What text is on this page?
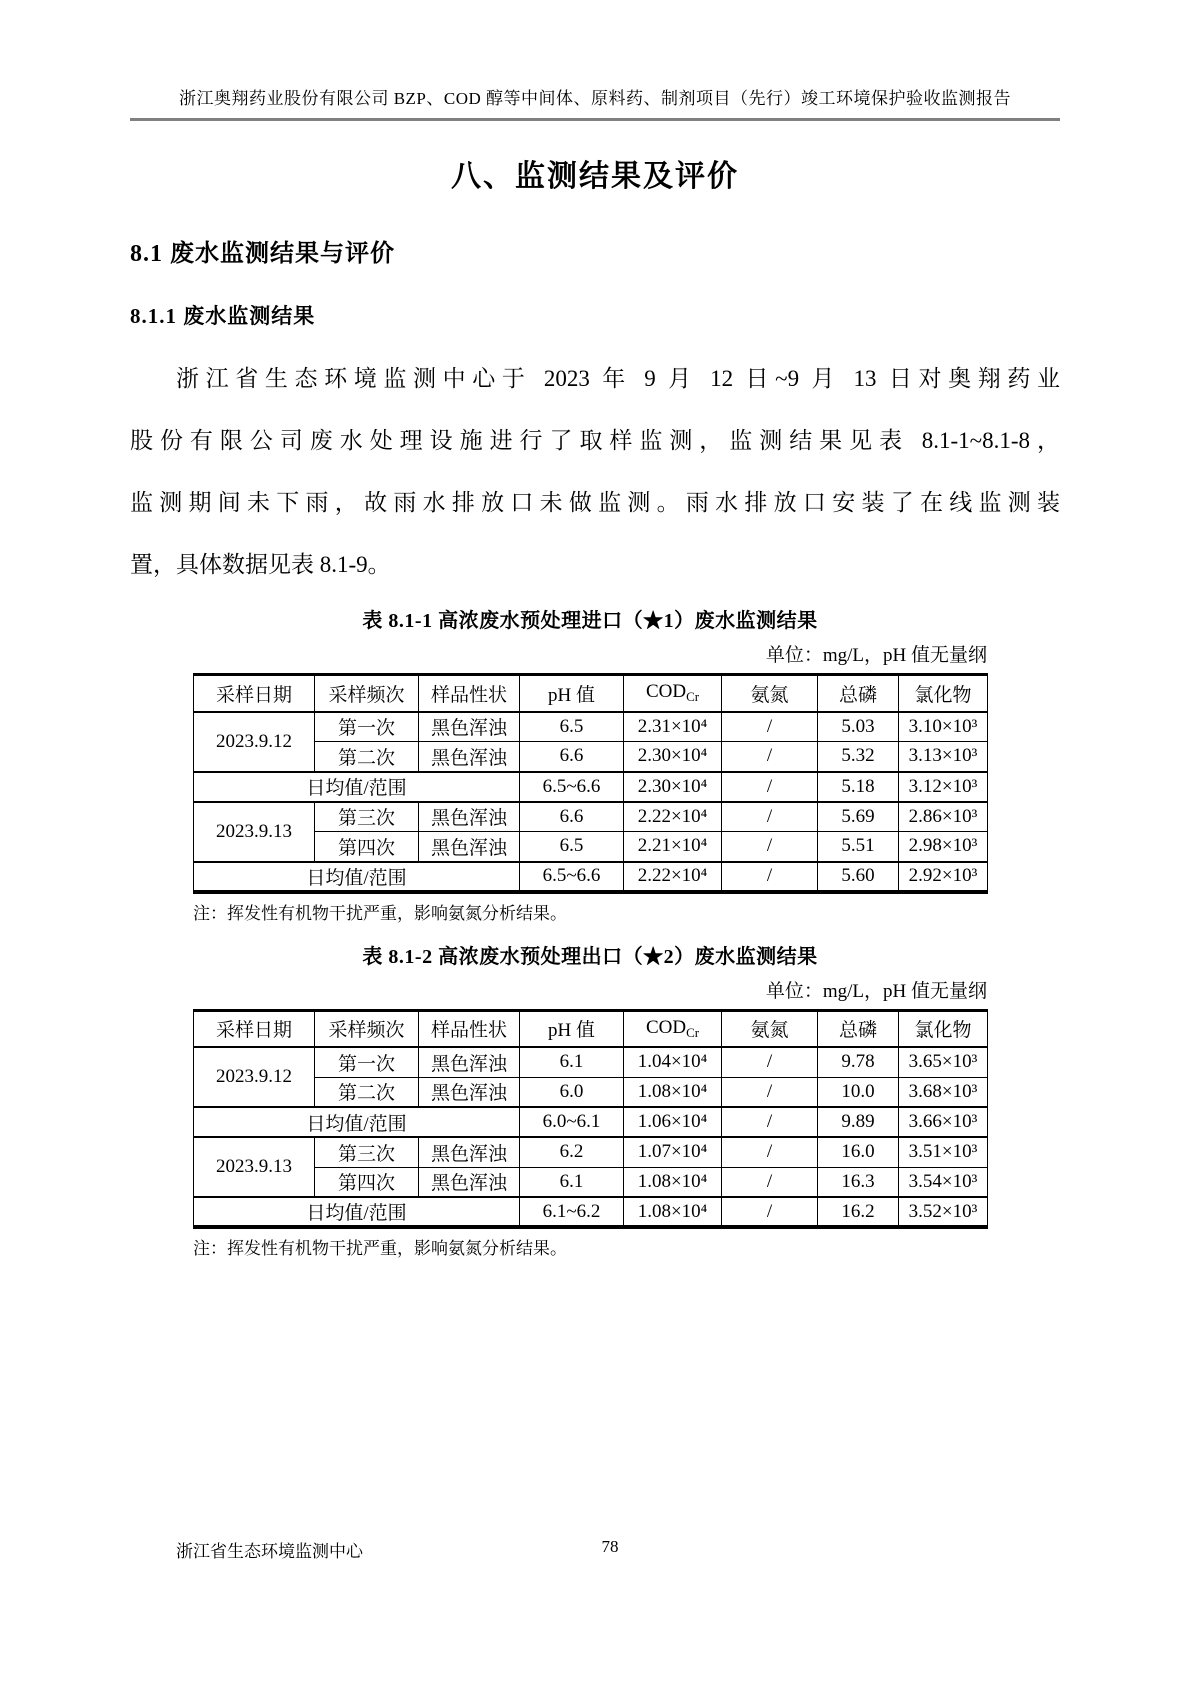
浙江奥翔药业股份有限公司 BZP、COD 醇等中间体、原料药、制剂项目（先行）竣工环境保护验收监测报告
八、监测结果及评价
8.1 废水监测结果与评价
8.1.1 废水监测结果
浙江省生态环境监测中心于 2023 年 9 月 12 日~9 月 13 日对奥翔药业
股份有限公司废水处理设施进行了取样监测，监测结果见表 8.1-1~8.1-8，
监测期间未下雨，故雨水排放口未做监测。雨水排放口安装了在线监测装
置，具体数据见表 8.1-9。
表 8.1-1 高浓废水预处理进口（★1）废水监测结果
单位：mg/L，pH 值无量纲
采样日期	采样频次	样品性状	pH 值	$COD_{Cr}$	氨氮	总磷	氯化物
2023.9.12	第一次	黑色浑浊	6.5	2.31×10⁴	/	5.03	3.10×10³
	第二次	黑色浑浊	6.6	2.30×10⁴	/	5.32	3.13×10³
日均值/范围			6.5~6.6	2.30×10⁴	/	5.18	3.12×10³
2023.9.13	第三次	黑色浑浊	6.6	2.22×10⁴	/	5.69	2.86×10³
	第四次	黑色浑浊	6.5	2.21×10⁴	/	5.51	2.98×10³
日均值/范围			6.5~6.6	2.22×10⁴	/	5.60	2.92×10³
注：挥发性有机物干扰严重，影响氨氮分析结果。
表 8.1-2 高浓废水预处理出口（★2）废水监测结果
单位：mg/L，pH 值无量纲
采样日期	采样频次	样品性状	pH 值	$COD_{Cr}$	氨氮	总磷	氯化物
2023.9.12	第一次	黑色浑浊	6.1	1.04×10⁴	/	9.78	3.65×10³
	第二次	黑色浑浊	6.0	1.08×10⁴	/	10.0	3.68×10³
日均值/范围			6.0~6.1	1.06×10⁴	/	9.89	3.66×10³
2023.9.13	第三次	黑色浑浊	6.2	1.07×10⁴	/	16.0	3.51×10³
	第四次	黑色浑浊	6.1	1.08×10⁴	/	16.3	3.54×10³
日均值/范围			6.1~6.2	1.08×10⁴	/	16.2	3.52×10³
注：挥发性有机物干扰严重，影响氨氮分析结果。
浙江省生态环境监测中心	78
